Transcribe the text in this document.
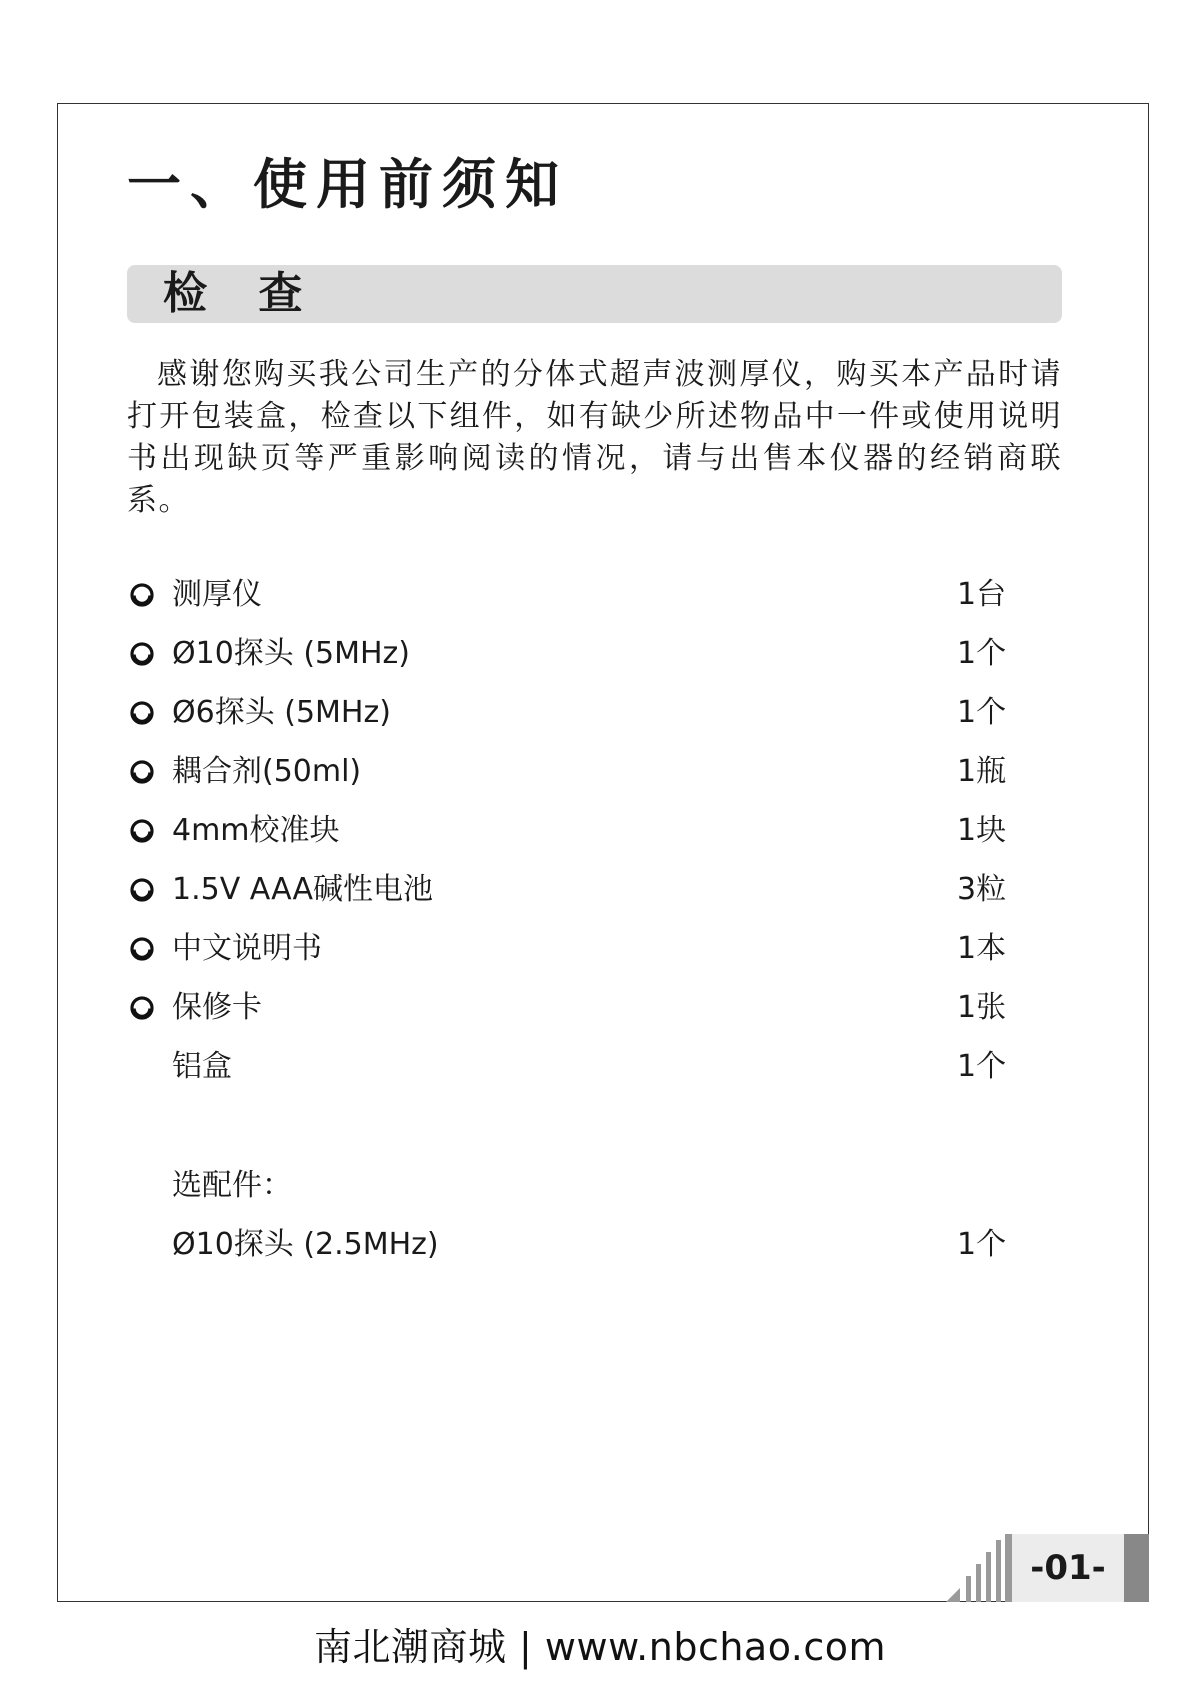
一、使用前须知
检 查

感谢您购买我公司生产的分体式超声波测厚仪，购买本产品时请打开包装盒，检查以下组件，如有缺少所述物品中一件或使用说明书出现缺页等严重影响阅读的情况，请与出售本仪器的经销商联系。

测厚仪	1台
Ø10探头 (5MHz)	1个
Ø6探头 (5MHz)	1个
耦合剂(50ml)	1瓶
4mm校准块	1块
1.5V AAA碱性电池	3粒
中文说明书	1本
保修卡	1张
铝盒	1个
选配件：
Ø10探头 (2.5MHz)	1个
-01-
南北潮商城 | www.nbchao.com
